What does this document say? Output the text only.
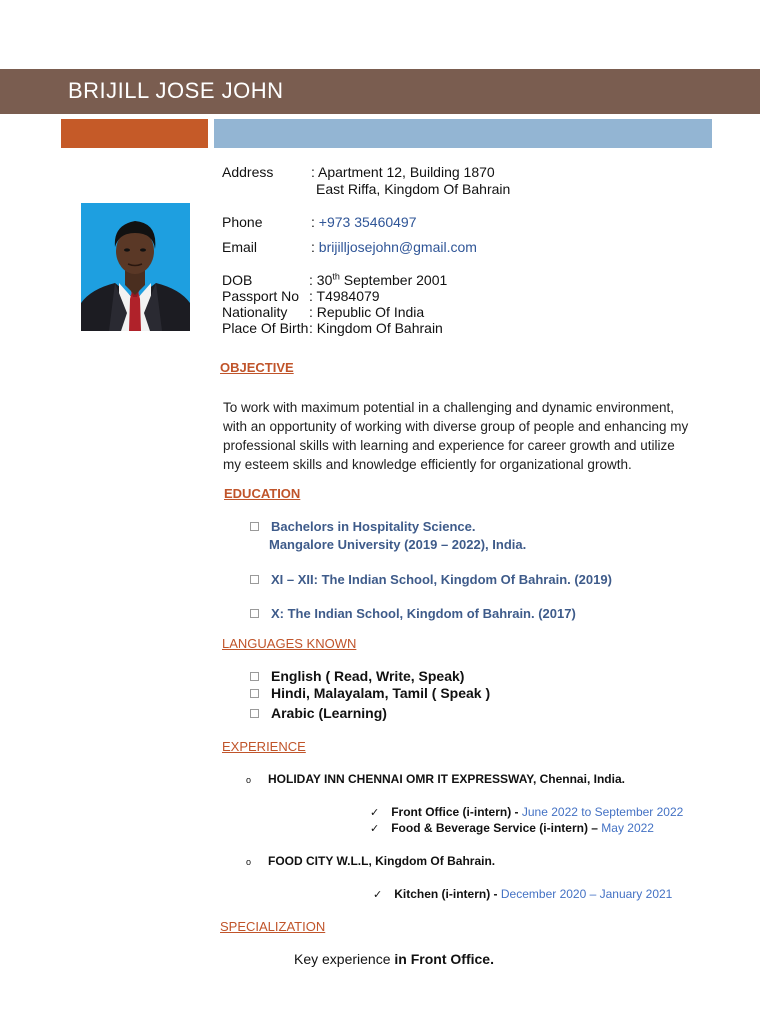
BRIJILL JOSE JOHN
Address	: Apartment 12, Building 1870
East Riffa, Kingdom Of Bahrain
Phone	: +973 35460497
Email	: brijilljosejohn@gmail.com
DOB	: 30th September 2001
Passport No : T4984079
Nationality : Republic Of India
Place Of Birth : Kingdom Of Bahrain
OBJECTIVE
To work with maximum potential in a challenging and dynamic environment, with an opportunity of working with diverse group of people and enhancing my professional skills with learning and experience for career growth and utilize my esteem skills and knowledge efficiently for organizational growth.
EDUCATION
Bachelors in Hospitality Science.
Mangalore University (2019 – 2022), India.
XI – XII: The Indian School, Kingdom Of Bahrain. (2019)
X: The Indian School, Kingdom of Bahrain. (2017)
LANGUAGES KNOWN
English ( Read, Write, Speak)
Hindi, Malayalam, Tamil ( Speak )
Arabic (Learning)
EXPERIENCE
o HOLIDAY INN CHENNAI OMR IT EXPRESSWAY, Chennai, India.
✓ Front Office (i-intern) - June 2022 to September 2022
✓ Food & Beverage Service (i-intern) – May 2022
o FOOD CITY W.L.L, Kingdom Of Bahrain.
✓ Kitchen (i-intern) - December 2020 – January 2021
SPECIALIZATION
Key experience in Front Office.
